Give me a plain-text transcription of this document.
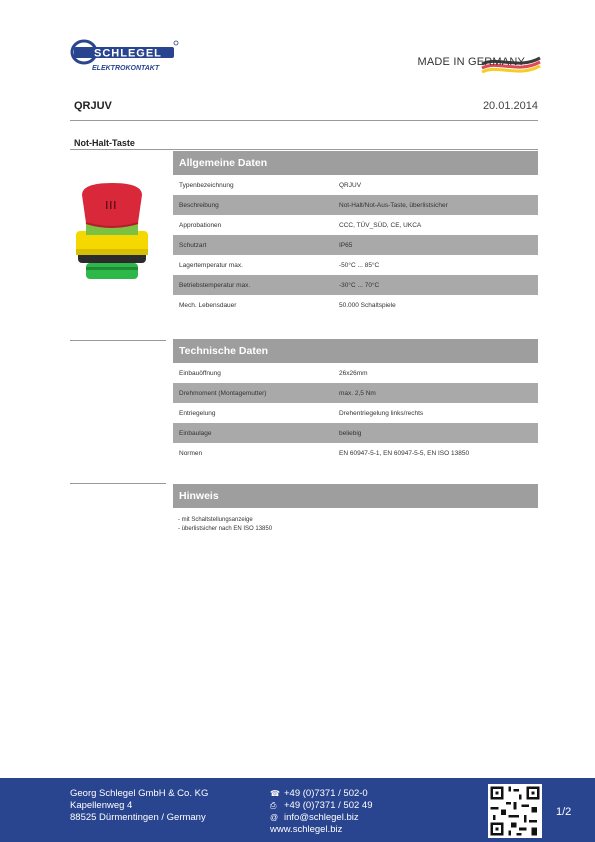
SCHLEGEL
ELEKTROKONTAKT
MADE IN GERMANY
QRJUV	20.01.2014
Not-Halt-Taste
Allgemeine Daten
Typenbezeichnung	QRJUV
Beschreibung	Not-Halt/Not-Aus-Taste, überlistsicher
Approbationen	CCC, TÜV_SÜD, CE, UKCA
Schutzart	IP65
Lagertemperatur max.	-50°C ... 85°C
Betriebstemperatur max.	-30°C ... 70°C
Mech. Lebensdauer	50.000 Schaltspiele
Technische Daten
Einbauöffnung	26x26mm
Drehmoment (Montagemutter)	max. 2,5 Nm
Entriegelung	Drehentriegelung links/rechts
Einbaulage	beliebig
Normen	EN 60947-5-1, EN 60947-5-5, EN ISO 13850
Hinweis
- mit Schaltstellungsanzeige
- überlistsicher nach EN ISO 13850
Georg Schlegel GmbH & Co. KG
Kapellenweg 4
88525 Dürmentingen / Germany
☎ +49 (0)7371 / 502-0
⎙ +49 (0)7371 / 502 49
@ info@schlegel.biz
www.schlegel.biz
1/2
